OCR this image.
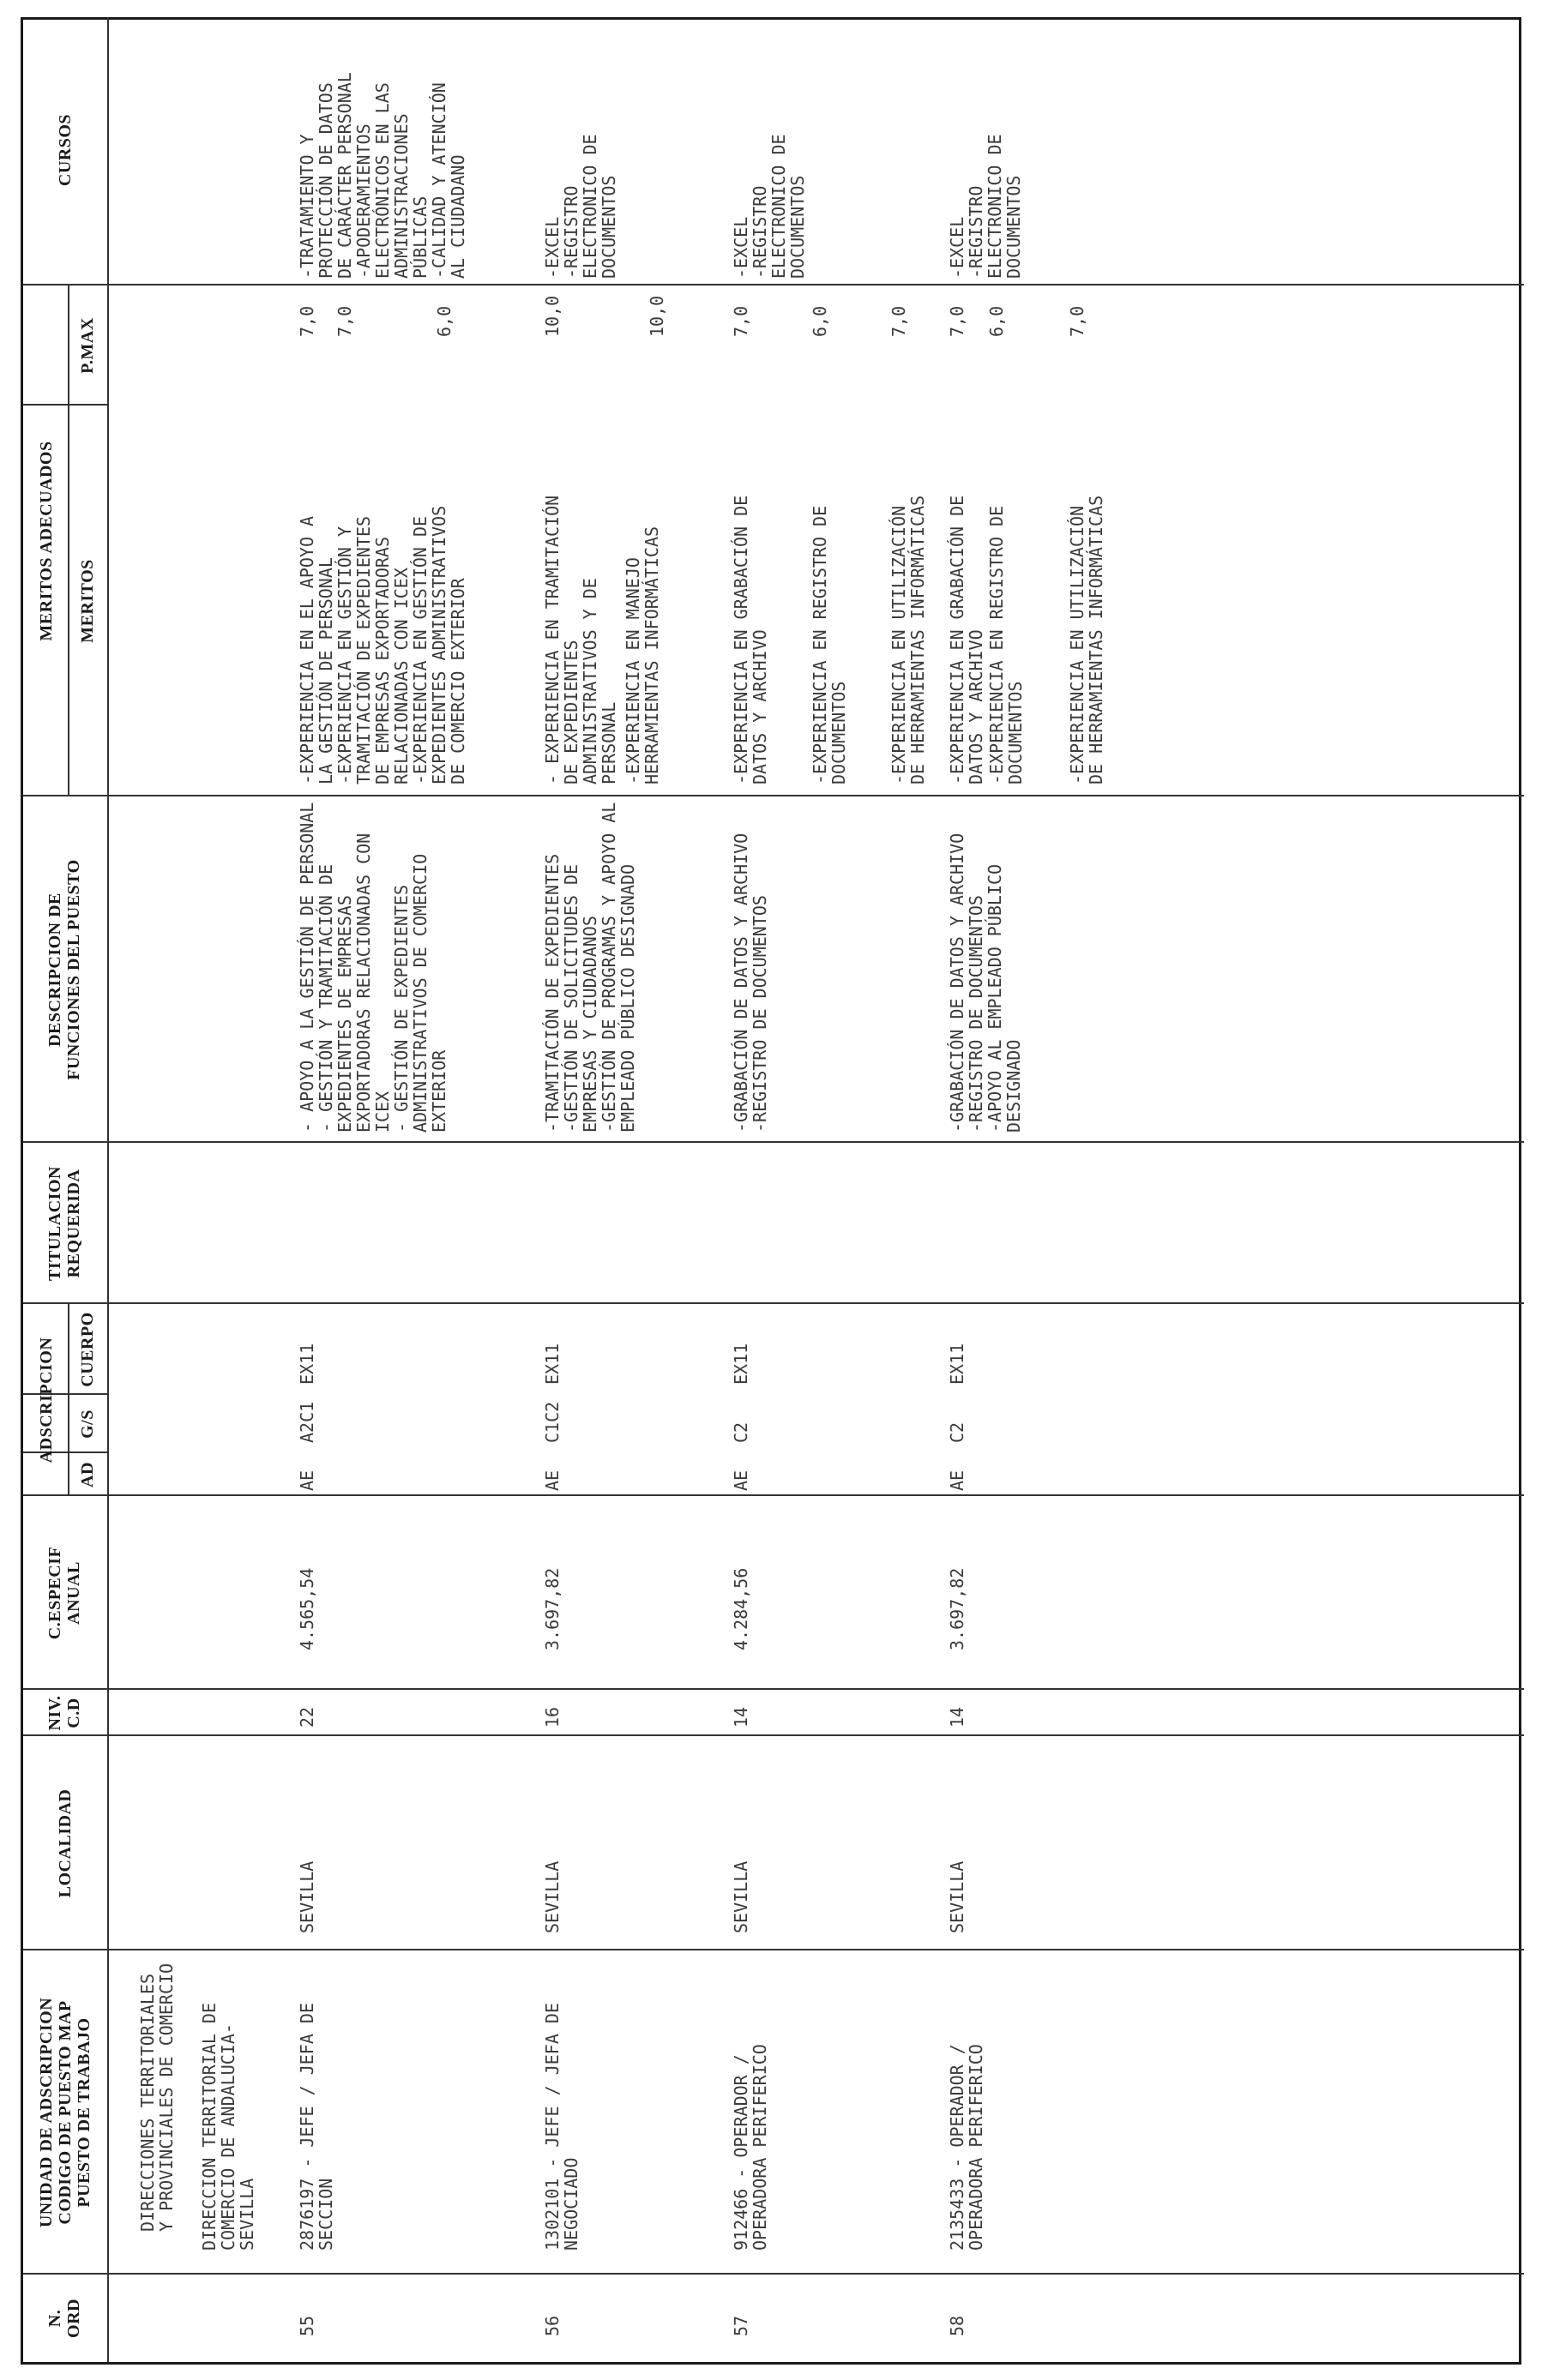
N.
ORD
UNIDAD DE ADSCRIPCION
CODIGO DE PUESTO MAP
PUESTO DE TRABAJO
LOCALIDAD
NIV.
C.D
C.ESPECIF
ANUAL
ADSCRIPCION
AD
G/S
CUERPO
TITULACION
REQUERIDA
DESCRIPCION DE
FUNCIONES DEL PUESTO
MERITOS ADECUADOS MERITOS
P.MAX
CURSOS
DIRECCIONES TERRITORIALES
Y PROVINCIALES DE COMERCIO
DIRECCION TERRITORIAL DE
COMERCIO DE ANDALUCIA-
SEVILLA
55
2876197 - JEFE / JEFA DE
SECCION
SEVILLA
22
4.565,54
AE
A2C1
EX11
- APOYO A LA GESTIÓN DE PERSONAL
- GESTIÓN Y TRAMITACIÓN DE
EXPEDIENTES DE EMPRESAS
EXPORTADORAS RELACIONADAS CON
ICEX
- GESTIÓN DE EXPEDIENTES
ADMINISTRATIVOS DE COMERCIO
EXTERIOR
-EXPERIENCIA EN EL APOYO A
LA GESTIÓN DE PERSONAL
7,0
-EXPERIENCIA EN GESTIÓN Y
TRAMITACIÓN DE EXPEDIENTES
DE EMPRESAS EXPORTADORAS
RELACIONADAS CON ICEX
7,0
-EXPERIENCIA EN GESTIÓN DE
EXPEDIENTES ADMINISTRATIVOS
DE COMERCIO EXTERIOR
6,0
-TRATAMIENTO Y
PROTECCIÓN DE DATOS
DE CARÁCTER PERSONAL
-APODERAMIENTOS
ELECTRÓNICOS EN LAS
ADMINISTRACIONES
PÚBLICAS
-CALIDAD Y ATENCIÓN
AL CIUDADANO
56
1302101 - JEFE / JEFA DE
NEGOCIADO
SEVILLA
16
3.697,82
AE
C1C2
EX11
-TRAMITACIÓN DE EXPEDIENTES
-GESTIÓN DE SOLICITUDES DE
EMPRESAS Y CIUDADANOS
-GESTIÓN DE PROGRAMAS Y APOYO AL
EMPLEADO PÚBLICO DESIGNADO
- EXPERIENCIA EN TRAMITACIÓN
DE EXPEDIENTES
ADMINISTRATIVOS Y DE
PERSONAL
10,0
-EXPERIENCIA EN MANEJO
HERRAMIENTAS INFORMÁTICAS
10,0
-EXCEL
-REGISTRO
ELECTRONICO DE
DOCUMENTOS
57
912466 - OPERADOR /
OPERADORA PERIFERICO
SEVILLA
14
4.284,56
AE
C2
EX11
-GRABACIÓN DE DATOS Y ARCHIVO
-REGISTRO DE DOCUMENTOS
-EXPERIENCIA EN GRABACIÓN DE
DATOS Y ARCHIVO
7,0
-EXPERIENCIA EN REGISTRO DE
DOCUMENTOS
6,0
-EXPERIENCIA EN UTILIZACIÓN
DE HERRAMIENTAS INFORMÁTICAS
7,0
-EXCEL
-REGISTRO
ELECTRONICO DE
DOCUMENTOS
58
2135433 - OPERADOR /
OPERADORA PERIFERICO
SEVILLA
14
3.697,82
AE
C2
EX11
-GRABACIÓN DE DATOS Y ARCHIVO
-REGISTRO DE DOCUMENTOS
-APOYO AL EMPLEADO PÚBLICO
DESIGNADO
-EXPERIENCIA EN GRABACIÓN DE
DATOS Y ARCHIVO
7,0
-EXPERIENCIA EN REGISTRO DE
DOCUMENTOS
6,0
-EXPERIENCIA EN UTILIZACIÓN
DE HERRAMIENTAS INFORMÁTICAS
7,0
-EXCEL
-REGISTRO
ELECTRONICO DE
DOCUMENTOS
